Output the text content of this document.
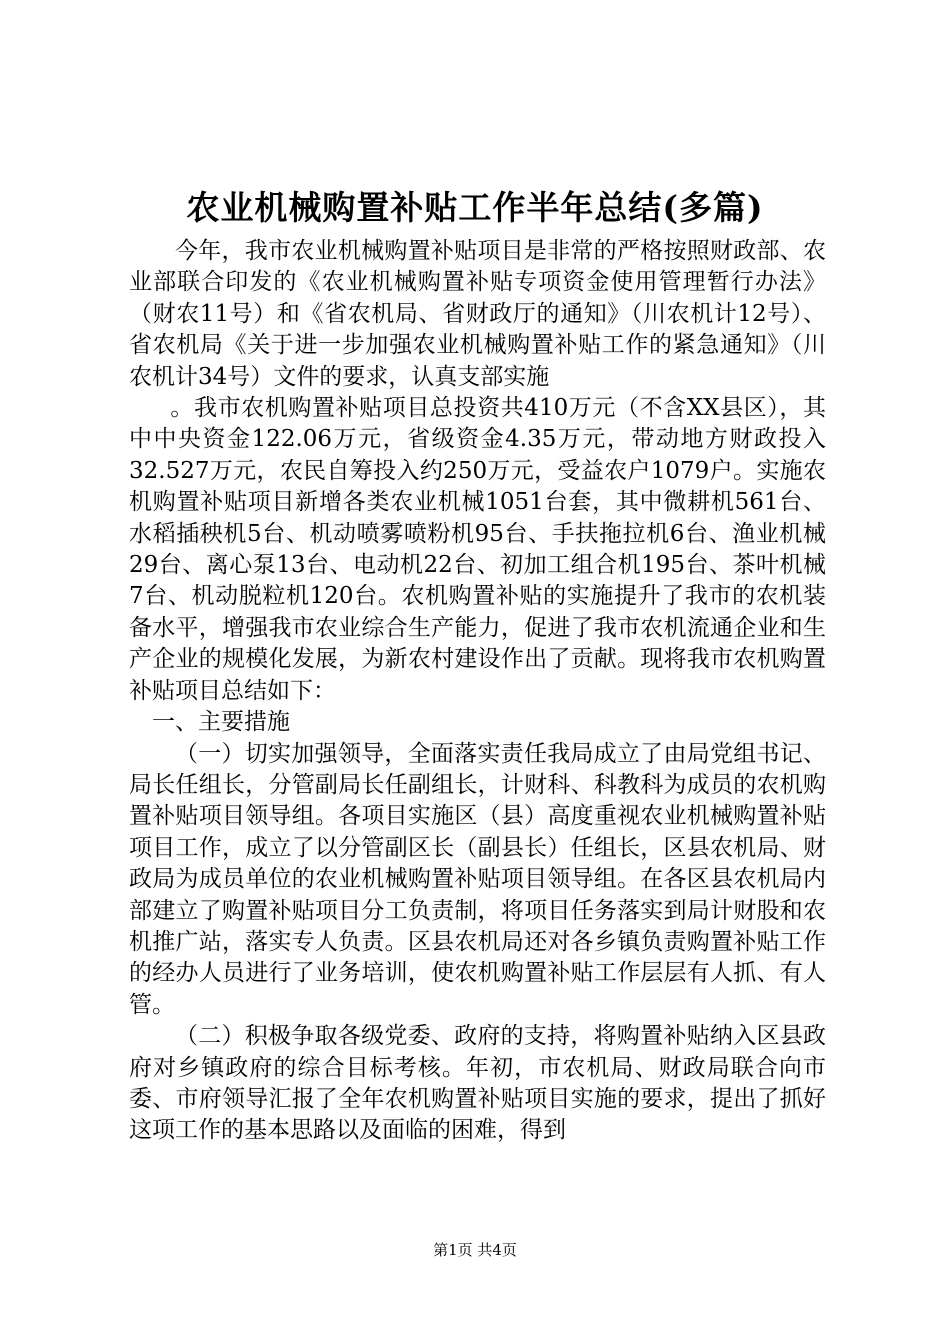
农业机械购置补贴工作半年总结(多篇)

今年，我市农业机械购置补贴项目是非常的严格按照财政部、农业部联合印发的《农业机械购置补贴专项资金使用管理暂行办法》（财农11号）和《省农机局、省财政厅的通知》（川农机计12号）、省农机局《关于进一步加强农业机械购置补贴工作的紧急通知》（川农机计34号）文件的要求，认真支部实施

。我市农机购置补贴项目总投资共410万元（不含XX县区），其中中央资金122.06万元，省级资金4.35万元，带动地方财政投入32.527万元，农民自筹投入约250万元，受益农户1079户。实施农机购置补贴项目新增各类农业机械1051台套，其中微耕机561台、水稻插秧机5台、机动喷雾喷粉机95台、手扶拖拉机6台、渔业机械29台、离心泵13台、电动机22台、初加工组合机195台、茶叶机械7台、机动脱粒机120台。农机购置补贴的实施提升了我市的农机装备水平，增强我市农业综合生产能力，促进了我市农机流通企业和生产企业的规模化发展，为新农村建设作出了贡献。现将我市农机购置补贴项目总结如下：

一、主要措施

（一）切实加强领导，全面落实责任我局成立了由局党组书记、局长任组长，分管副局长任副组长，计财科、科教科为成员的农机购置补贴项目领导组。各项目实施区（县）高度重视农业机械购置补贴项目工作，成立了以分管副区长（副县长）任组长，区县农机局、财政局为成员单位的农业机械购置补贴项目领导组。在各区县农机局内部建立了购置补贴项目分工负责制，将项目任务落实到局计财股和农机推广站，落实专人负责。区县农机局还对各乡镇负责购置补贴工作的经办人员进行了业务培训，使农机购置补贴工作层层有人抓、有人管。

（二）积极争取各级党委、政府的支持，将购置补贴纳入区县政府对乡镇政府的综合目标考核。年初，市农机局、财政局联合向市委、市府领导汇报了全年农机购置补贴项目实施的要求，提出了抓好这项工作的基本思路以及面临的困难，得到

第1页 共4页
